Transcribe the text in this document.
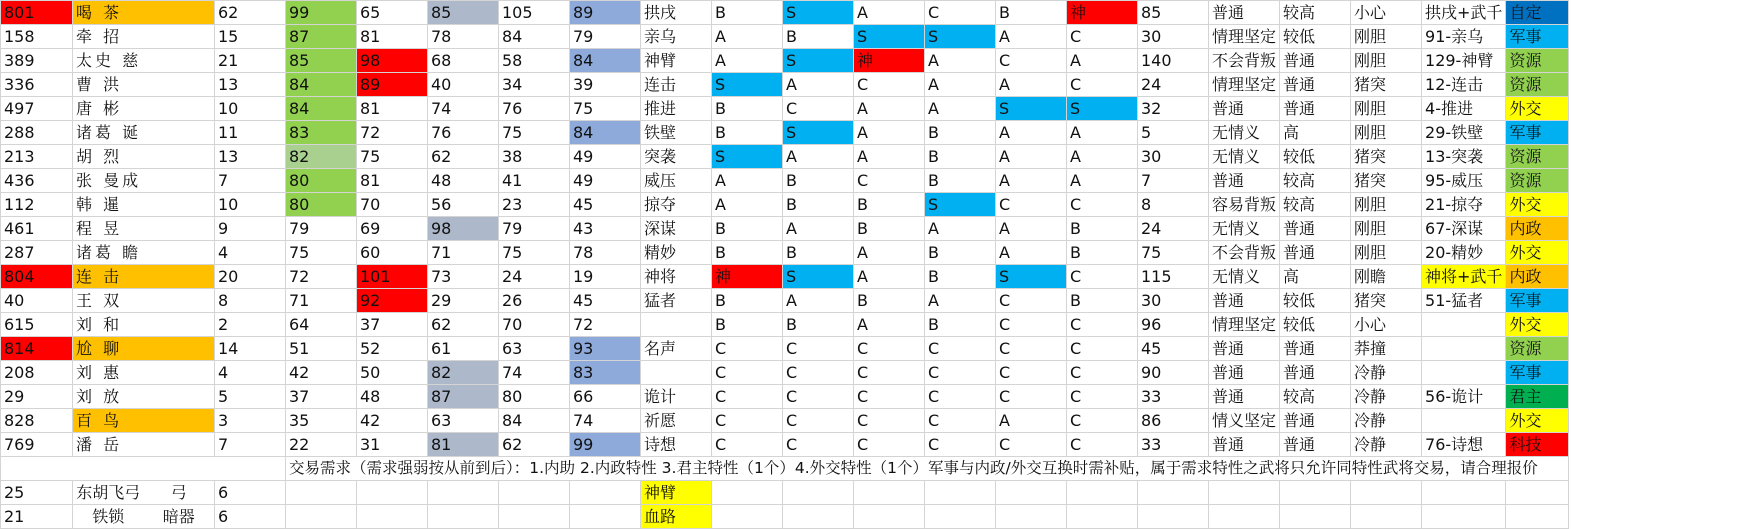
801	喝 茶	62	99	65	85	105	89	拱戌	B	S	A	C	B	神	85	普通	较高	小心	拱戌+武千	自定
158	牵 招	15	87	81	78	84	79	亲乌	A	B	S	S	A	C	30	情理坚定	较低	刚胆	91-亲乌	军事
389	太史 慈	21	85	98	68	58	84	神臂	A	S	神	A	C	A	140	不会背叛	普通	刚胆	129-神臂	资源
336	曹 洪	13	84	89	40	34	39	连击	S	A	C	A	A	C	24	情理坚定	普通	猪突	12-连击	资源
497	唐 彬	10	84	81	74	76	75	推进	B	C	A	A	S	S	32	普通	普通	刚胆	4-推进	外交
288	诸葛 诞	11	83	72	76	75	84	铁壁	B	S	A	B	A	A	5	无情义	高	刚胆	29-铁壁	军事
213	胡 烈	13	82	75	62	38	49	突袭	S	A	A	B	A	A	30	无情义	较低	猪突	13-突袭	资源
436	张 曼成	7	80	81	48	41	49	威压	A	B	C	B	A	A	7	普通	较高	猪突	95-威压	资源
112	韩 暹	10	80	70	56	23	45	掠夺	A	B	B	S	C	C	8	容易背叛	较高	刚胆	21-掠夺	外交
461	程 昱	9	79	69	98	79	43	深谋	B	A	B	A	A	B	24	无情义	普通	刚胆	67-深谋	内政
287	诸葛 瞻	4	75	60	71	75	78	精妙	B	B	A	B	A	B	75	不会背叛	普通	刚胆	20-精妙	外交
804	连 击	20	72	101	73	24	19	神将	神	S	A	B	S	C	115	无情义	高	刚瞻	神将+武千	内政
40	王 双	8	71	92	29	26	45	猛者	B	A	B	A	C	B	30	普通	较低	猪突	51-猛者	军事
615	刘 和	2	64	37	62	70	72		B	B	A	B	C	C	96	情理坚定	较低	小心		外交
814	尬 聊	14	51	52	61	63	93	名声	C	C	C	C	C	C	45	普通	普通	莽撞		资源
208	刘 惠	4	42	50	82	74	83		C	C	C	C	C	C	90	普通	普通	冷静		军事
29	刘 放	5	37	48	87	80	66	诡计	C	C	C	C	C	C	33	普通	较高	冷静	56-诡计	君主
828	百 鸟	3	35	42	63	84	74	祈愿	C	C	C	C	A	C	86	情义坚定	普通	冷静		外交
769	潘 岳	7	22	31	81	62	99	诗想	C	C	C	C	C	C	33	普通	普通	冷静	76-诗想	科技
			交易需求（需求强弱按从前到后）：1.内助 2.内政特性 3.君主特性（1个）4.外交特性（1个）军事与内政/外交互换时需补贴，属于需求特性之武将只允许同特性武将交易，请合理报价																	
25	东胡飞弓 弓	6						神臂												
21	铁锁 暗器	6						血路												
